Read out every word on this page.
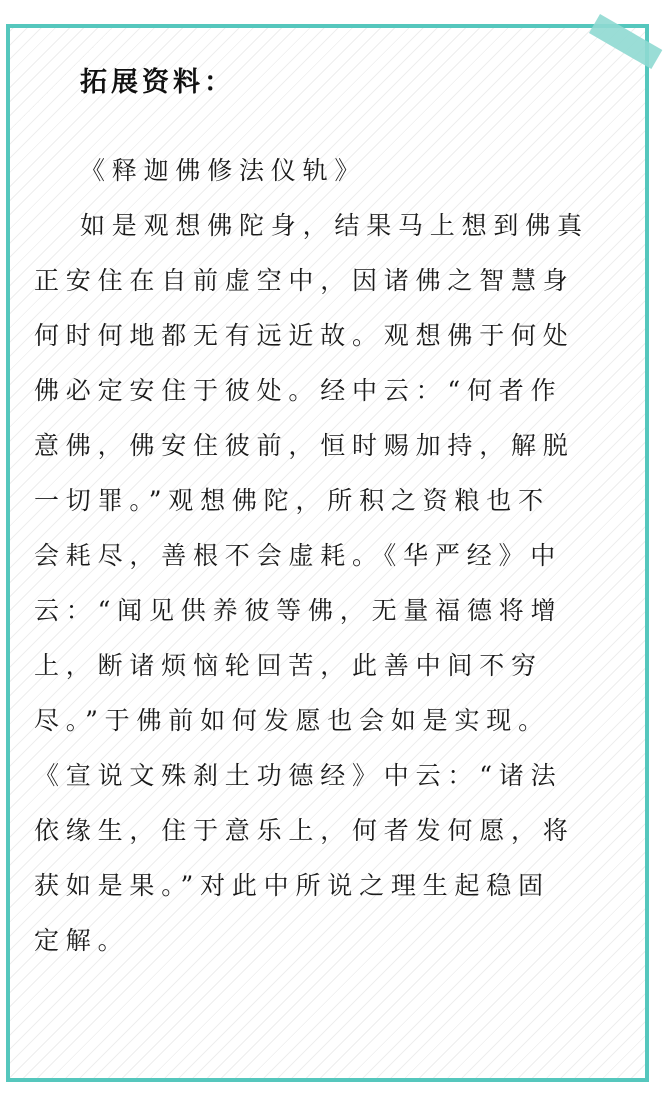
拓展资料：
《释迦佛修法仪轨》
如是观想佛陀身，结果马上想到佛真
正安住在自前虚空中，因诸佛之智慧身
何时何地都无有远近故。观想佛于何处
佛必定安住于彼处。经中云：“何者作
意佛，佛安住彼前，恒时赐加持，解脱
一切罪。”观想佛陀，所积之资粮也不
会耗尽，善根不会虚耗。《华严经》中
云：“闻见供养彼等佛，无量福德将增
上，断诸烦恼轮回苦，此善中间不穷
尽。”于佛前如何发愿也会如是实现。
《宣说文殊刹土功德经》中云：“诸法
依缘生，住于意乐上，何者发何愿，将
获如是果。”对此中所说之理生起稳固
定解。
